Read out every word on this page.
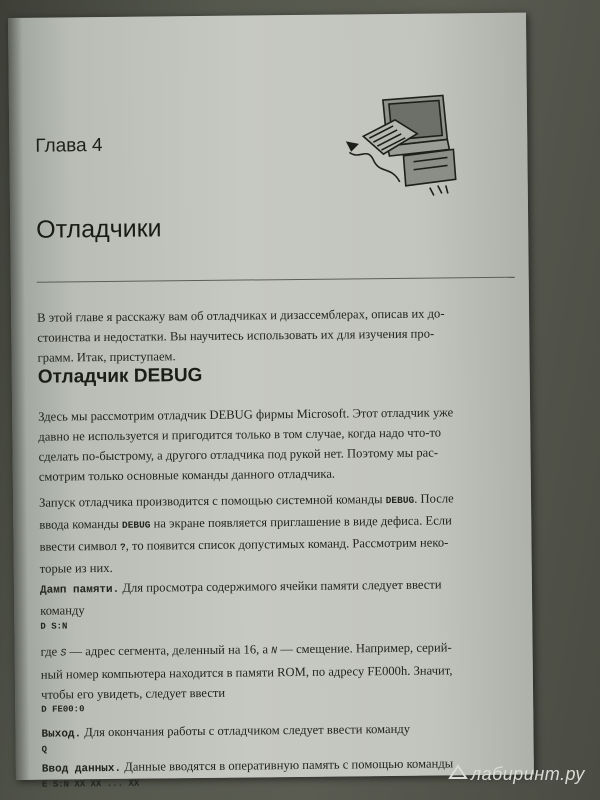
Глава 4
Отладчики
В этой главе я расскажу вам об отладчиках и дизассемблерах, описав их до-
стоинства и недостатки. Вы научитесь использовать их для изучения про-
грамм. Итак, приступаем.
Отладчик DEBUG
Здесь мы рассмотрим отладчик DEBUG фирмы Microsoft. Этот отладчик уже
давно не используется и пригодится только в том случае, когда надо что-то
сделать по-быстрому, а другого отладчика под рукой нет. Поэтому мы рас-
смотрим только основные команды данного отладчика.
Запуск отладчика производится с помощью системной команды DEBUG. После
ввода команды DEBUG на экране появляется приглашение в виде дефиса. Если
ввести символ ?, то появится список допустимых команд. Рассмотрим неко-
торые из них.
Дамп памяти. Для просмотра содержимого ячейки памяти следует ввести
команду
D S:N
где S — адрес сегмента, деленный на 16, а N — смещение. Например, серий-
ный номер компьютера находится в памяти ROM, по адресу FE000h. Значит,
чтобы его увидеть, следует ввести
D FE00:0
Выход. Для окончания работы с отладчиком следует ввести команду
Q
Ввод данных. Данные вводятся в оперативную память с помощью команды
E S:N XX XX ... XX
лабиринт.ру
